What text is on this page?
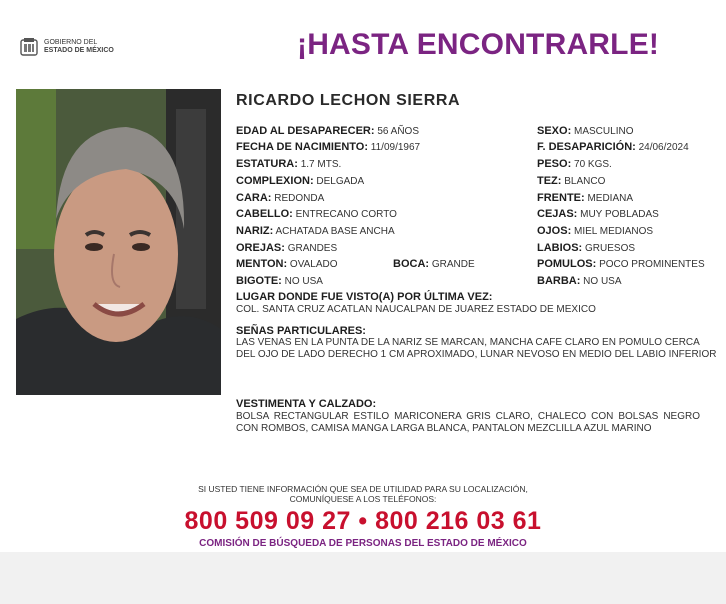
GOBIERNO DEL
ESTADO DE MÉXICO	¡HASTA ENCONTRARLE!
RICARDO LECHON SIERRA
EDAD AL DESAPARECER: 56 AÑOS
FECHA DE NACIMIENTO: 11/09/1967
ESTATURA: 1.7 MTS.
COMPLEXION: DELGADA
CARA: REDONDA
CABELLO: ENTRECANO CORTO
NARIZ: ACHATADA BASE ANCHA
OREJAS: GRANDES
MENTON: OVALADO	BOCA: GRANDE
BIGOTE: NO USA
SEXO: MASCULINO
F. DESAPARICIÓN: 24/06/2024
PESO: 70 KGS.
TEZ: BLANCO
FRENTE: MEDIANA
CEJAS: MUY POBLADAS
OJOS: MIEL MEDIANOS
LABIOS: GRUESOS
POMULOS: POCO PROMINENTES
BARBA: NO USA
LUGAR DONDE FUE VISTO(A) POR ÚLTIMA VEZ:
COL. SANTA CRUZ ACATLAN NAUCALPAN DE JUAREZ ESTADO DE MEXICO
SEÑAS PARTICULARES:
LAS VENAS EN LA PUNTA DE LA NARIZ SE MARCAN, MANCHA CAFE CLARO EN POMULO CERCA DEL OJO DE LADO DERECHO 1 CM APROXIMADO, LUNAR NEVOSO EN MEDIO DEL LABIO INFERIOR
VESTIMENTA Y CALZADO:
BOLSA RECTANGULAR ESTILO MARICONERA GRIS CLARO, CHALECO CON BOLSAS NEGRO CON ROMBOS, CAMISA MANGA LARGA BLANCA, PANTALON MEZCLILLA AZUL MARINO
SI USTED TIENE INFORMACIÓN QUE SEA DE UTILIDAD PARA SU LOCALIZACIÓN,
COMUNÍQUESE A LOS TELÉFONOS:
800 509 09 27 • 800 216 03 61
COMISIÓN DE BÚSQUEDA DE PERSONAS DEL ESTADO DE MÉXICO
